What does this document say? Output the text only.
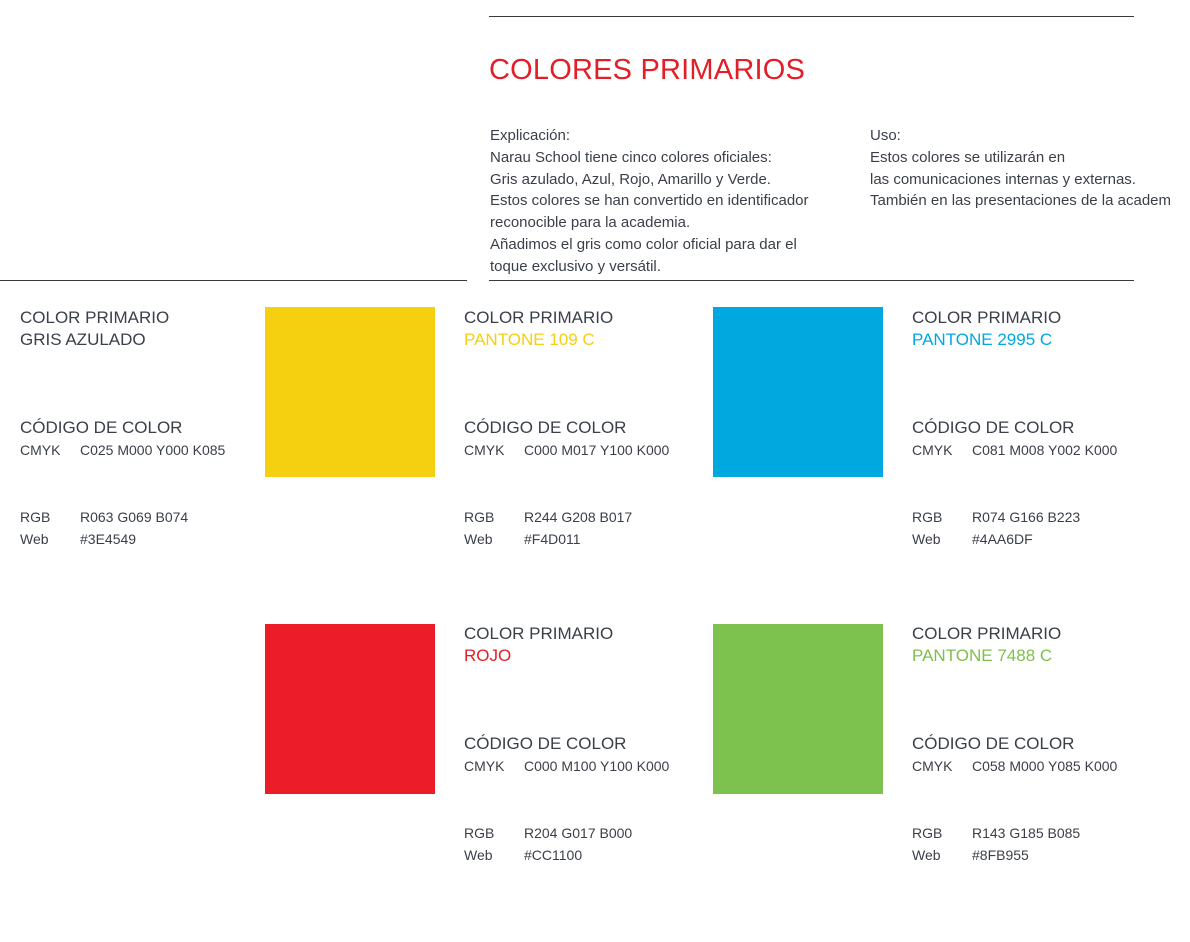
COLORES PRIMARIOS
Explicación:
Narau School tiene cinco colores oficiales:
Gris azulado, Azul, Rojo, Amarillo y Verde.
Estos colores se han convertido en identificador
reconocible para la academia.
Añadimos el gris como color oficial para dar el
toque exclusivo y versátil.
Uso:
Estos colores se utilizarán en
las comunicaciones internas y externas.
También en las presentaciones de la academ
COLOR PRIMARIO
GRIS AZULADO
CÓDIGO DE COLOR
CMYK C025 M000 Y000 K085
RGB R063 G069 B074
Web #3E4549
COLOR PRIMARIO
PANTONE 109 C
CÓDIGO DE COLOR
CMYK C000 M017 Y100 K000
RGB R244 G208 B017
Web #F4D011
COLOR PRIMARIO
PANTONE 2995 C
CÓDIGO DE COLOR
CMYK C081 M008 Y002 K000
RGB R074 G166 B223
Web #4AA6DF
COLOR PRIMARIO
ROJO
CÓDIGO DE COLOR
CMYK C000 M100 Y100 K000
RGB R204 G017 B000
Web #CC1100
COLOR PRIMARIO
PANTONE 7488 C
CÓDIGO DE COLOR
CMYK C058 M000 Y085 K000
RGB R143 G185 B085
Web #8FB955
